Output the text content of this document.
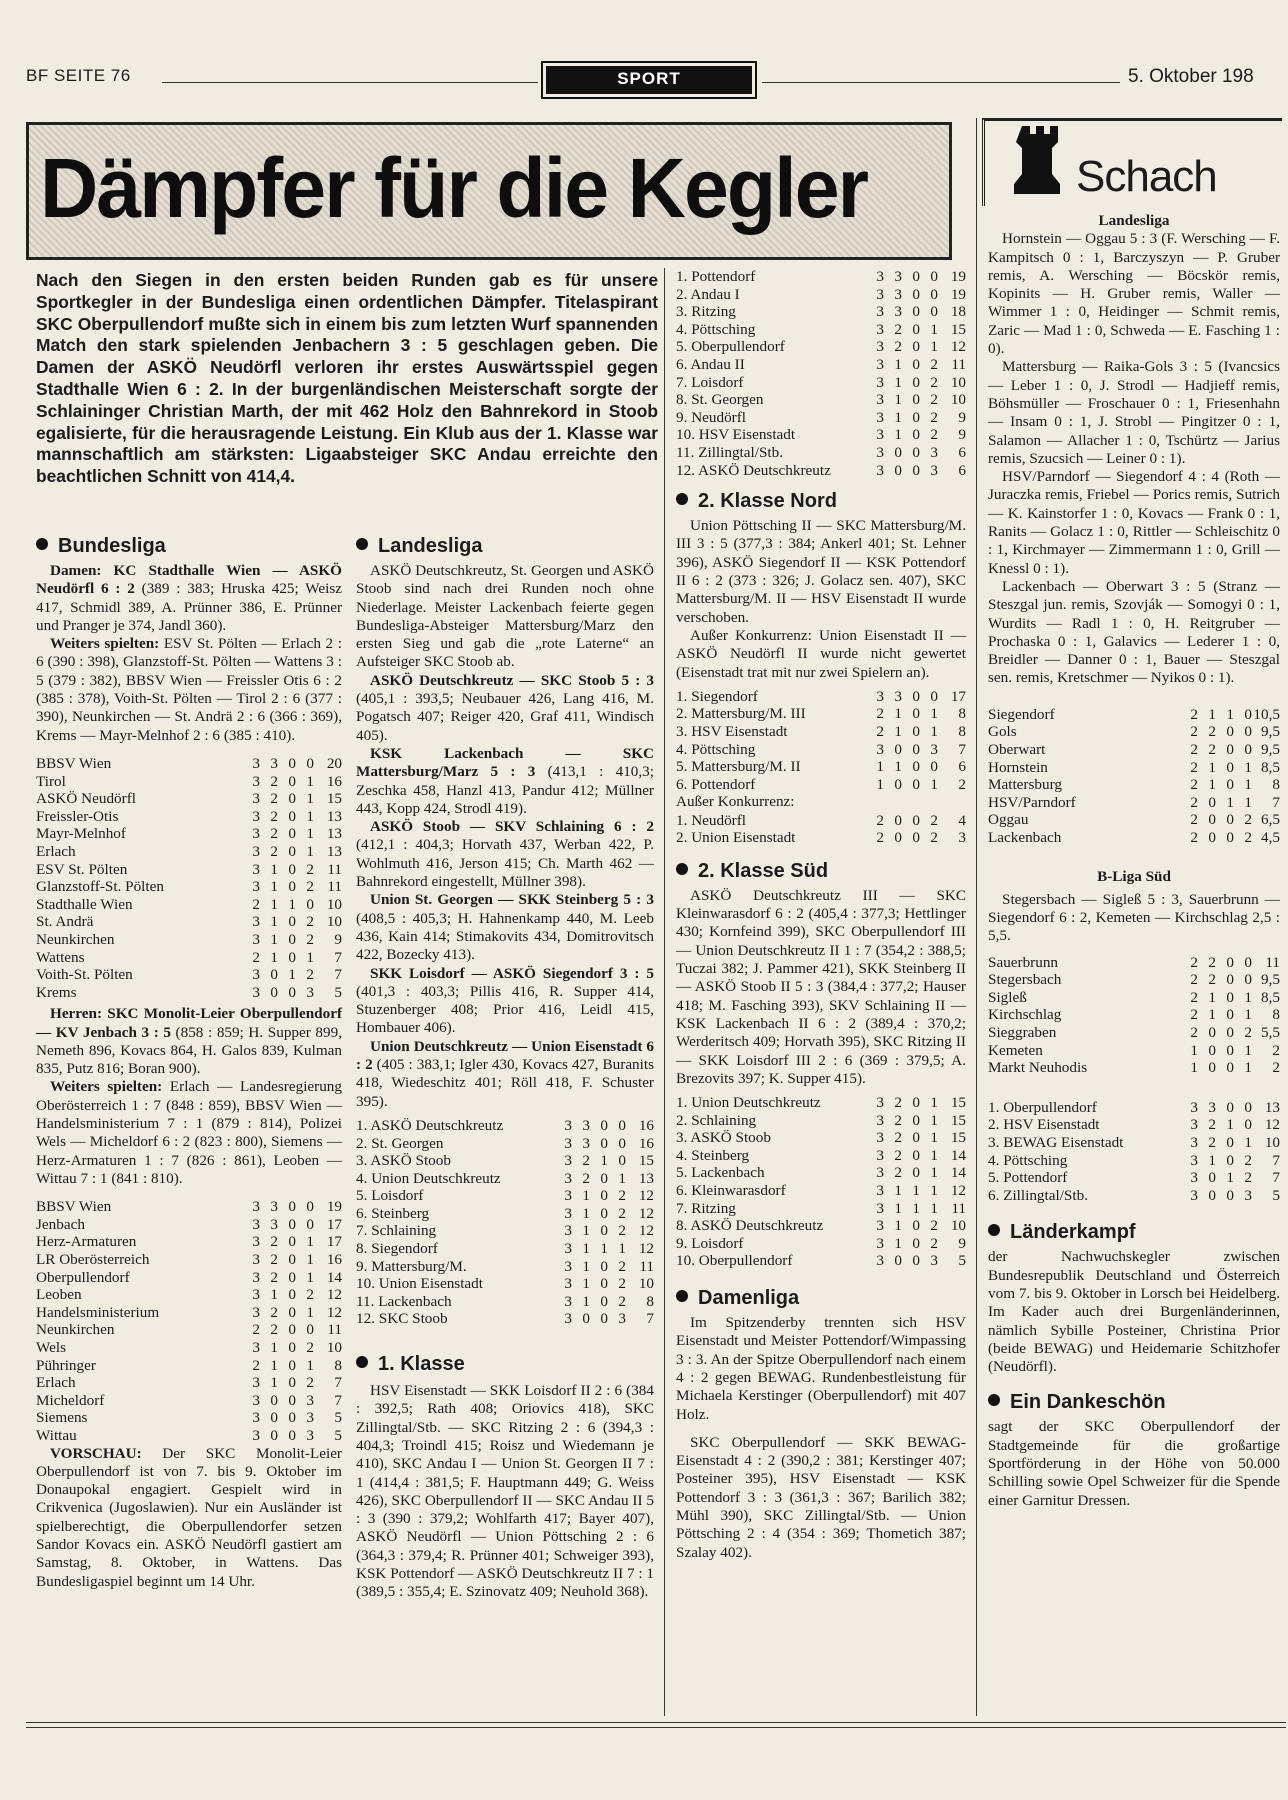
BF SEITE 76	SPORT	5. Oktober 198
Dämpfer für die Kegler	Schach
Nach den Siegen in den ersten beiden Runden gab es für unsere Sportkegler in der Bundesliga einen ordentlichen Dämpfer. Titelaspirant SKC Oberpullendorf mußte sich in einem bis zum letzten Wurf spannenden Match den stark spielenden Jenbachern 3 : 5 geschlagen geben. Die Damen der ASKÖ Neudörfl verloren ihr erstes Auswärtsspiel gegen Stadthalle Wien 6 : 2. In der burgenländischen Meisterschaft sorgte der Schlaininger Christian Marth, der mit 462 Holz den Bahnrekord in Stoob egalisierte, für die herausragende Leistung. Ein Klub aus der 1. Klasse war mannschaftlich am stärksten: Ligaabsteiger SKC Andau erreichte den beachtlichen Schnitt von 414,4.
Bundesliga

Damen: KC Stadthalle Wien — ASKÖ Neudörfl 6 : 2 (389 : 383; Hruska 425; Weisz 417, Schmidl 389, A. Prünner 386, E. Prünner und Pranger je 374, Jandl 360).

Weiters spielten: ESV St. Pölten — Erlach 2 : 6 (390 : 398), Glanzstoff-St. Pölten — Wattens 3 : 5 (379 : 382), BBSV Wien — Freissler Otis 6 : 2 (385 : 378), Voith-St. Pölten — Tirol 2 : 6 (377 : 390), Neunkirchen — St. Andrä 2 : 6 (366 : 369), Krems — Mayr-Melnhof 2 : 6 (385 : 410).

BBSV Wien	3	3	0	0	20
Tirol	3	2	0	1	16
ASKÖ Neudörfl	3	2	0	1	15
Freissler-Otis	3	2	0	1	13
Mayr-Melnhof	3	2	0	1	13
Erlach	3	2	0	1	13
ESV St. Pölten	3	1	0	2	11
Glanzstoff-St. Pölten	3	1	0	2	11
Stadthalle Wien	2	1	1	0	10
St. Andrä	3	1	0	2	10
Neunkirchen	3	1	0	2	9
Wattens	2	1	0	1	7
Voith-St. Pölten	3	0	1	2	7
Krems	3	0	0	3	5

Herren: SKC Monolit-Leier Oberpullendorf — KV Jenbach 3 : 5 (858 : 859; H. Supper 899, Nemeth 896, Kovacs 864, H. Galos 839, Kulman 835, Putz 816; Boran 900).

Weiters spielten: Erlach — Landesregierung Oberösterreich 1 : 7 (848 : 859), BBSV Wien — Handelsministerium 7 : 1 (879 : 814), Polizei Wels — Micheldorf 6 : 2 (823 : 800), Siemens — Herz-Armaturen 1 : 7 (826 : 861), Leoben — Wittau 7 : 1 (841 : 810).

BBSV Wien	3	3	0	0	19
Jenbach	3	3	0	0	17
Herz-Armaturen	3	2	0	1	17
LR Oberösterreich	3	2	0	1	16
Oberpullendorf	3	2	0	1	14
Leoben	3	1	0	2	12
Handelsministerium	3	2	0	1	12
Neunkirchen	2	2	0	0	11
Wels	3	1	0	2	10
Pühringer	2	1	0	1	8
Erlach	3	1	0	2	7
Micheldorf	3	0	0	3	7
Siemens	3	0	0	3	5
Wittau	3	0	0	3	5

VORSCHAU: Der SKC Monolit-Leier Oberpullendorf ist von 7. bis 9. Oktober im Donaupokal engagiert. Gespielt wird in Crikvenica (Jugoslawien). Nur ein Ausländer ist spielberechtigt, die Oberpullendorfer setzen Sandor Kovacs ein. ASKÖ Neudörfl gastiert am Samstag, 8. Oktober, in Wattens. Das Bundesligaspiel beginnt um 14 Uhr.

Landesliga

ASKÖ Deutschkreutz, St. Georgen und ASKÖ Stoob sind nach drei Runden noch ohne Niederlage. Meister Lackenbach feierte gegen Bundesliga-Absteiger Mattersburg/Marz den ersten Sieg und gab die „rote Laterne“ an Aufsteiger SKC Stoob ab.

ASKÖ Deutschkreutz — SKC Stoob 5 : 3 (405,1 : 393,5; Neubauer 426, Lang 416, M. Pogatsch 407; Reiger 420, Graf 411, Windisch 405).

KSK Lackenbach — SKC Mattersburg/Marz 5 : 3 (413,1 : 410,3; Zeschka 458, Hanzl 413, Pandur 412; Müllner 443, Kopp 424, Strodl 419).

ASKÖ Stoob — SKV Schlaining 6 : 2 (412,1 : 404,3; Horvath 437, Werban 422, P. Wohlmuth 416, Jerson 415; Ch. Marth 462 — Bahnrekord eingestellt, Müllner 398).

Union St. Georgen — SKK Steinberg 5 : 3 (408,5 : 405,3; H. Hahnenkamp 440, M. Leeb 436, Kain 414; Stimakovits 434, Domitrovitsch 422, Bozecky 413).

SKK Loisdorf — ASKÖ Siegendorf 3 : 5 (401,3 : 403,3; Pillis 416, R. Supper 414, Stuzenberger 408; Prior 416, Leidl 415, Hombauer 406).

Union Deutschkreutz — Union Eisenstadt 6 : 2 (405 : 383,1; Igler 430, Kovacs 427, Buranits 418, Wiedeschitz 401; Röll 418, F. Schuster 395).

1. ASKÖ Deutschkreutz	3	3	0	0	16
2. St. Georgen	3	3	0	0	16
3. ASKÖ Stoob	3	2	1	0	15
4. Union Deutschkreutz	3	2	0	1	13
5. Loisdorf	3	1	0	2	12
6. Steinberg	3	1	0	2	12
7. Schlaining	3	1	0	2	12
8. Siegendorf	3	1	1	1	12
9. Mattersburg/M.	3	1	0	2	11
10. Union Eisenstadt	3	1	0	2	10
11. Lackenbach	3	1	0	2	8
12. SKC Stoob	3	0	0	3	7
1. Klasse

HSV Eisenstadt — SKK Loisdorf II 2 : 6 (384 : 392,5; Rath 408; Oriovics 418), SKC Zillingtal/Stb. — SKC Ritzing 2 : 6 (394,3 : 404,3; Troindl 415; Roisz und Wiedemann je 410), SKC Andau I — Union St. Georgen II 7 : 1 (414,4 : 381,5; F. Hauptmann 449; G. Weiss 426), SKC Oberpullendorf II — SKC Andau II 5 : 3 (390 : 379,2; Wohlfarth 417; Bayer 407), ASKÖ Neudörfl — Union Pöttsching 2 : 6 (364,3 : 379,4; R. Prünner 401; Schweiger 393), KSK Pottendorf — ASKÖ Deutschkreutz II 7 : 1 (389,5 : 355,4; E. Szinovatz 409; Neuhold 368).

1. Pottendorf	3	3	0	0	19
2. Andau I	3	3	0	0	19
3. Ritzing	3	3	0	0	18
4. Pöttsching	3	2	0	1	15
5. Oberpullendorf	3	2	0	1	12
6. Andau II	3	1	0	2	11
7. Loisdorf	3	1	0	2	10
8. St. Georgen	3	1	0	2	10
9. Neudörfl	3	1	0	2	9
10. HSV Eisenstadt	3	1	0	2	9
11. Zillingtal/Stb.	3	0	0	3	6
12. ASKÖ Deutschkreutz	3	0	0	3	6
2. Klasse Nord

Union Pöttsching II — SKC Mattersburg/M. III 3 : 5 (377,3 : 384; Ankerl 401; St. Lehner 396), ASKÖ Siegendorf II — KSK Pottendorf II 6 : 2 (373 : 326; J. Golacz sen. 407), SKC Mattersburg/M. II — HSV Eisenstadt II wurde verschoben.

Außer Konkurrenz: Union Eisenstadt II — ASKÖ Neudörfl II wurde nicht gewertet (Eisenstadt trat mit nur zwei Spielern an).

1. Siegendorf	3	3	0	0	17
2. Mattersburg/M. III	2	1	0	1	8
3. HSV Eisenstadt	2	1	0	1	8
4. Pöttsching	3	0	0	3	7
5. Mattersburg/M. II	1	1	0	0	6
6. Pottendorf	1	0	0	1	2
Außer Konkurrenz:
1. Neudörfl	2	0	0	2	4
2. Union Eisenstadt	2	0	0	2	3
2. Klasse Süd

ASKÖ Deutschkreutz III — SKC Kleinwarasdorf 6 : 2 (405,4 : 377,3; Hettlinger 430; Kornfeind 399), SKC Oberpullendorf III — Union Deutschkreutz II 1 : 7 (354,2 : 388,5; Tuczai 382; J. Pammer 421), SKK Steinberg II — ASKÖ Stoob II 5 : 3 (384,4 : 377,2; Hauser 418; M. Fasching 393), SKV Schlaining II — KSK Lackenbach II 6 : 2 (389,4 : 370,2; Werderitsch 409; Horvath 395), SKC Ritzing II — SKK Loisdorf III 2 : 6 (369 : 379,5; A. Brezovits 397; K. Supper 415).

1. Union Deutschkreutz	3	2	0	1	15
2. Schlaining	3	2	0	1	15
3. ASKÖ Stoob	3	2	0	1	15
4. Steinberg	3	2	0	1	14
5. Lackenbach	3	2	0	1	14
6. Kleinwarasdorf	3	1	1	1	12
7. Ritzing	3	1	1	1	11
8. ASKÖ Deutschkreutz	3	1	0	2	10
9. Loisdorf	3	1	0	2	9
10. Oberpullendorf	3	0	0	3	5
Damenliga

Im Spitzenderby trennten sich HSV Eisenstadt und Meister Pottendorf/Wimpassing 3 : 3. An der Spitze Oberpullendorf nach einem 4 : 2 gegen BEWAG. Rundenbestleistung für Michaela Kerstinger (Oberpullendorf) mit 407 Holz.

SKC Oberpullendorf — SKK BEWAG-Eisenstadt 4 : 2 (390,2 : 381; Kerstinger 407; Posteiner 395), HSV Eisenstadt — KSK Pottendorf 3 : 3 (361,3 : 367; Barilich 382; Mühl 390), SKC Zillingtal/Stb. — Union Pöttsching 2 : 4 (354 : 369; Thometich 387; Szalay 402).

Landesliga

Hornstein — Oggau 5 : 3 (F. Wersching — F. Kampitsch 0 : 1, Barczyszyn — P. Gruber remis, A. Wersching — Böcskör remis, Kopinits — H. Gruber remis, Waller — Wimmer 1 : 0, Heidinger — Schmit remis, Zaric — Mad 1 : 0, Schweda — E. Fasching 1 : 0).

Mattersburg — Raika-Gols 3 : 5 (Ivancsics — Leber 1 : 0, J. Strodl — Hadjieff remis, Böhsmüller — Froschauer 0 : 1, Friesenhahn — Insam 0 : 1, J. Strobl — Pingitzer 0 : 1, Salamon — Allacher 1 : 0, Tschürtz — Jarius remis, Szucsich — Leiner 0 : 1).

HSV/Parndorf — Siegendorf 4 : 4 (Roth — Juraczka remis, Friebel — Porics remis, Sutrich — K. Kainstorfer 1 : 0, Kovacs — Frank 0 : 1, Ranits — Golacz 1 : 0, Rittler — Schleischitz 0 : 1, Kirchmayer — Zimmermann 1 : 0, Grill — Knessl 0 : 1).

Lackenbach — Oberwart 3 : 5 (Stranz — Steszgal jun. remis, Szovják — Somogyi 0 : 1, Wurdits — Radl 1 : 0, H. Reitgruber — Prochaska 0 : 1, Galavics — Lederer 1 : 0, Breidler — Danner 0 : 1, Bauer — Steszgal sen. remis, Kretschmer — Nyikos 0 : 1).

Siegendorf	2	1	1	0	10,5
Gols	2	2	0	0	9,5
Oberwart	2	2	0	0	9,5
Hornstein	2	1	0	1	8,5
Mattersburg	2	1	0	1	8
HSV/Parndorf	2	0	1	1	7
Oggau	2	0	0	2	6,5
Lackenbach	2	0	0	2	4,5
B-Liga Süd

Stegersbach — Sigleß 5 : 3, Sauerbrunn — Siegendorf 6 : 2, Kemeten — Kirchschlag 2,5 : 5,5.

Sauerbrunn	2	2	0	0	11
Stegersbach	2	2	0	0	9,5
Sigleß	2	1	0	1	8,5
Kirchschlag	2	1	0	1	8
Sieggraben	2	0	0	2	5,5
Kemeten	1	0	0	1	2
Markt Neuhodis	1	0	0	1	2
1. Oberpullendorf	3	3	0	0	13
2. HSV Eisenstadt	3	2	1	0	12
3. BEWAG Eisenstadt	3	2	0	1	10
4. Pöttsching	3	1	0	2	7
5. Pottendorf	3	0	1	2	7
6. Zillingtal/Stb.	3	0	0	3	5
Länderkampf

der Nachwuchskegler zwischen Bundesrepublik Deutschland und Österreich vom 7. bis 9. Oktober in Lorsch bei Heidelberg. Im Kader auch drei Burgenländerinnen, nämlich Sybille Posteiner, Christina Prior (beide BEWAG) und Heidemarie Schitzhofer (Neudörfl).

Ein Dankeschön

sagt der SKC Oberpullendorf der Stadtgemeinde für die großartige Sportförderung in der Höhe von 50.000 Schilling sowie Opel Schweizer für die Spende einer Garnitur Dressen.
